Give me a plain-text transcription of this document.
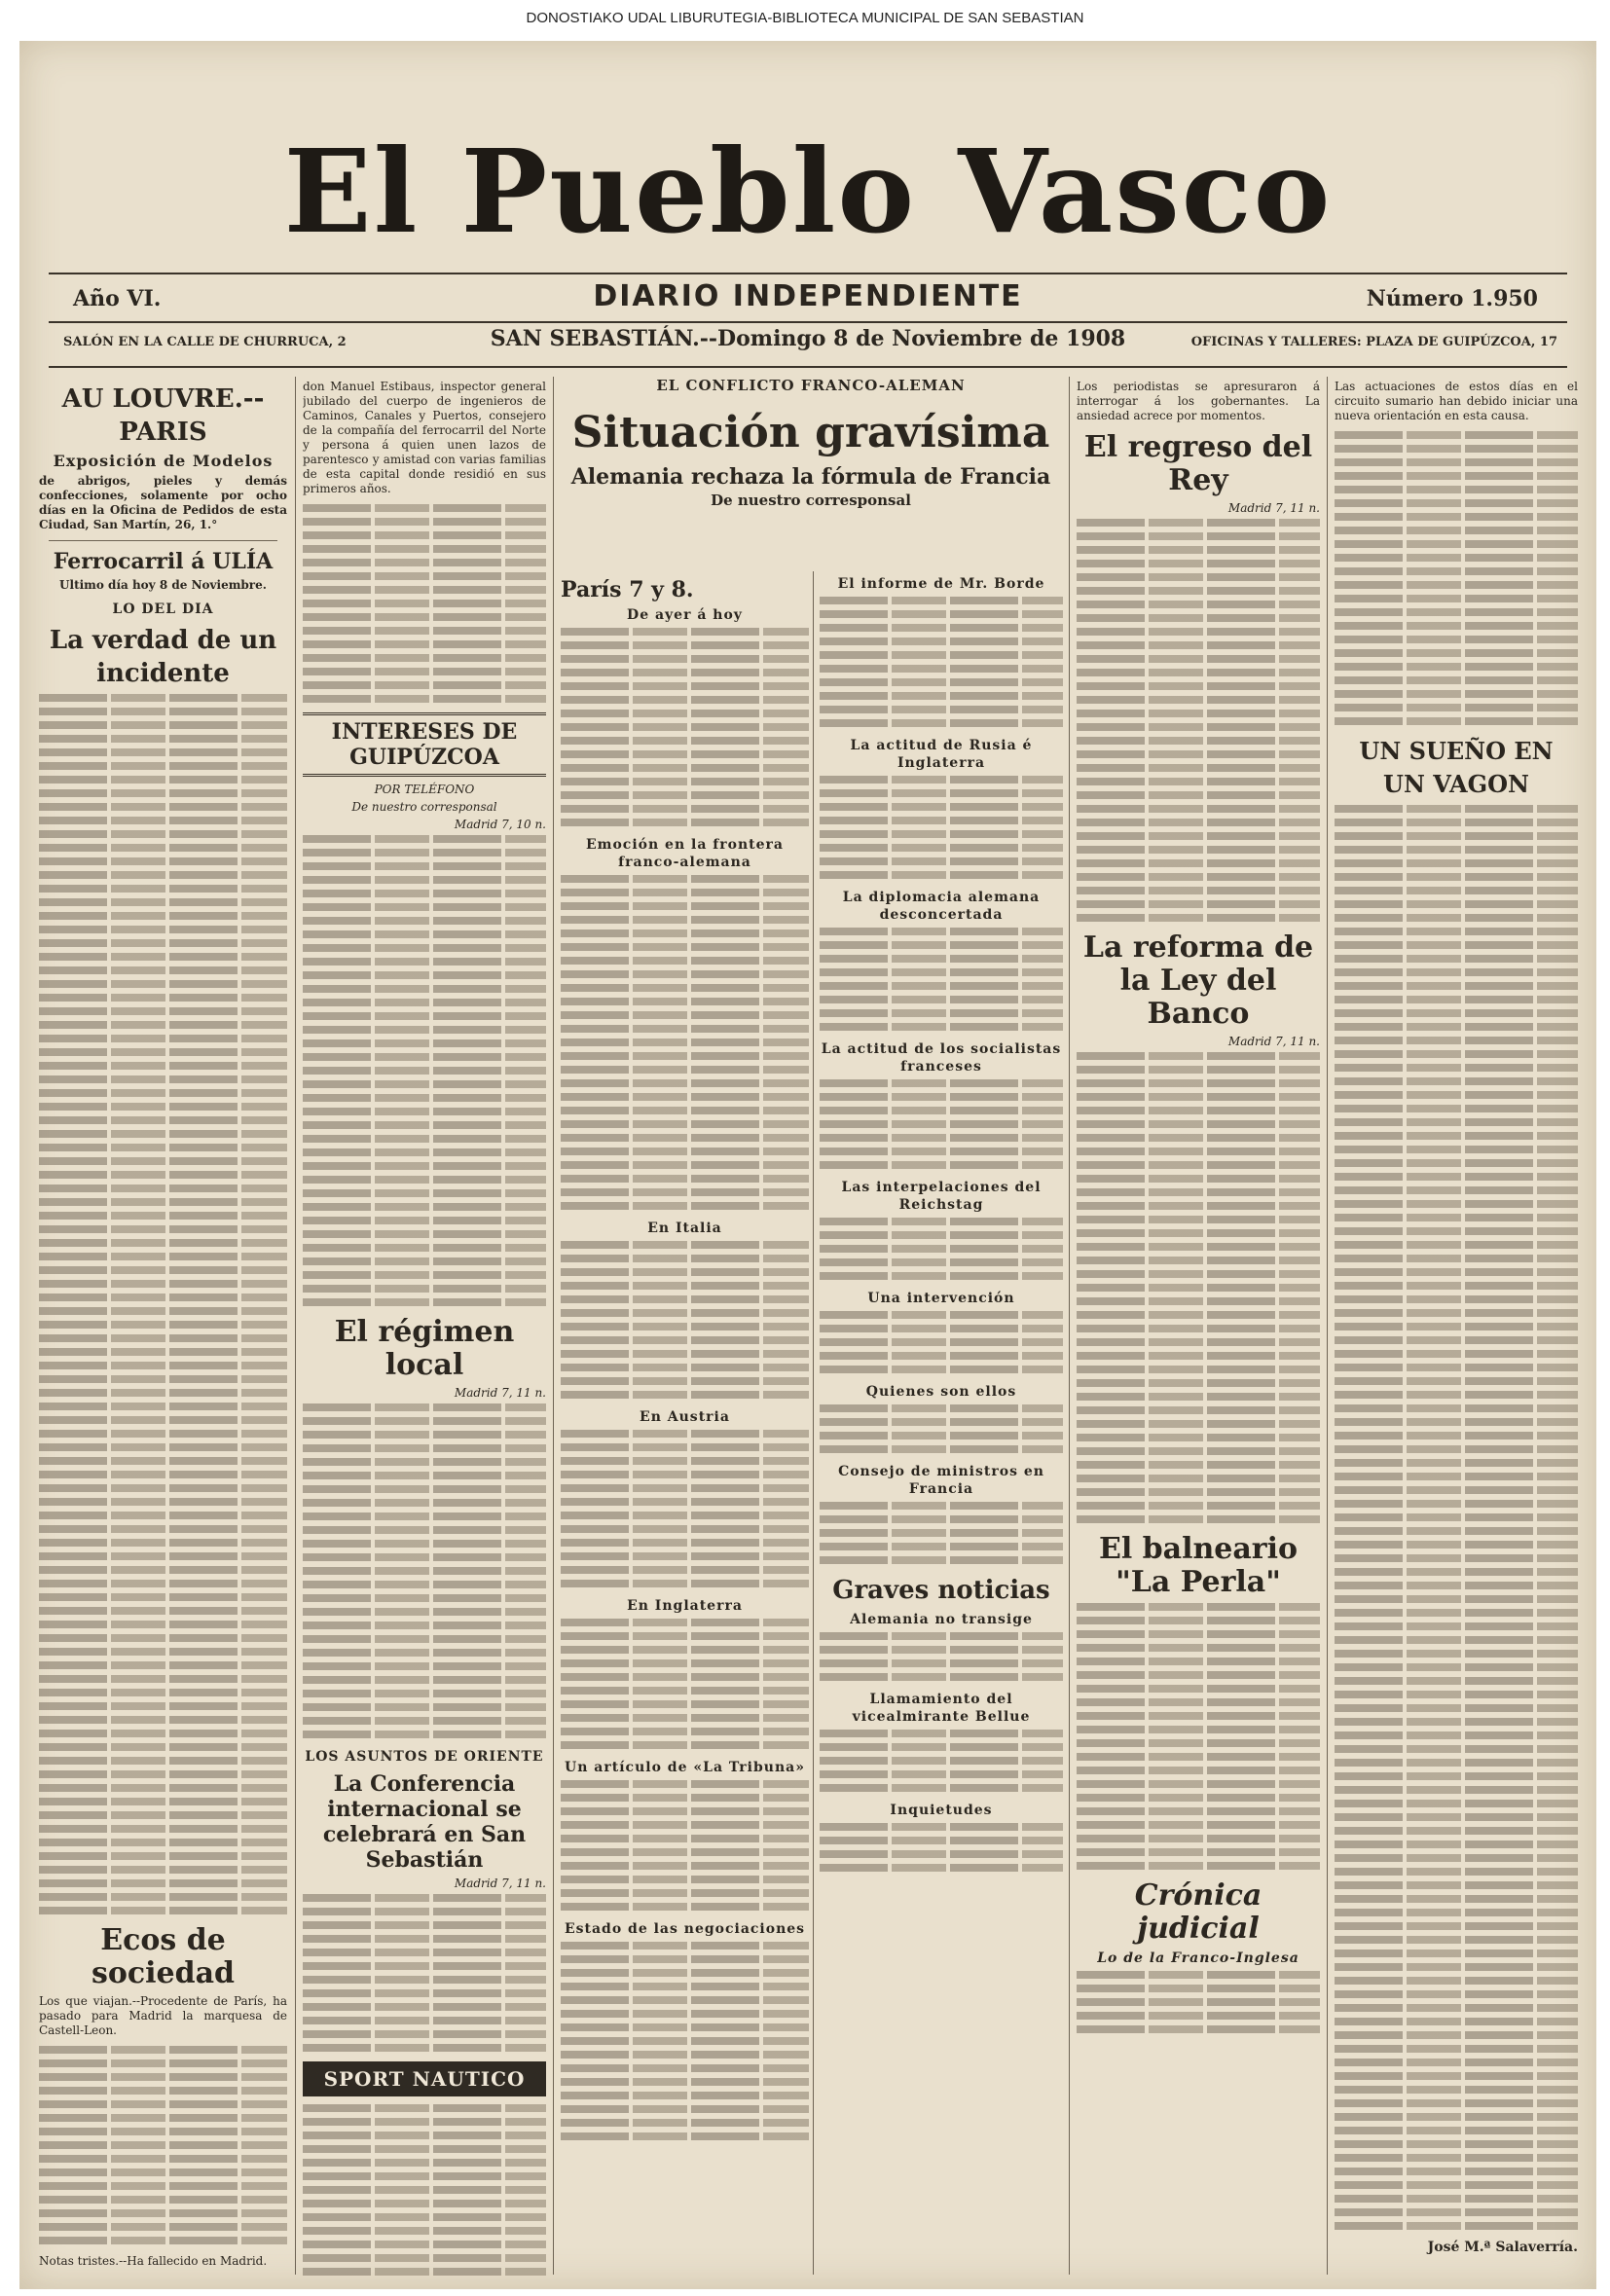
DONOSTIAKO UDAL LIBURUTEGIA-BIBLIOTECA MUNICIPAL DE SAN SEBASTIAN
El Pueblo Vasco
Año VI.	DIARIO INDEPENDIENTE	Número 1.950
SALÓN EN LA CALLE DE CHURRUCA, 2	SAN SEBASTIÁN.--Domingo 8 de Noviembre de 1908	OFICINAS Y TALLERES: PLAZA DE GUIPÚZCOA, 17
AU LOUVRE.--PARIS
Exposición de Modelos
de abrigos, pieles y demás confecciones, solamente por ocho días en la Oficina de Pedidos de esta Ciudad, San Martín, 26, 1.°
Ferrocarril á ULÍA
Ultimo día hoy 8 de Noviembre.
LO DEL DIA
La verdad de un incidente
Ecos de sociedad
Los que viajan.--Procedente de París, ha pasado para Madrid la marquesa de Castell-Leon.
Notas tristes.--Ha fallecido en Madrid.
don Manuel Estibaus, inspector general jubilado del cuerpo de ingenieros de Caminos, Canales y Puertos, consejero de la compañía del ferrocarril del Norte y persona á quien unen lazos de parentesco y amistad con varias familias de esta capital donde residió en sus primeros años.
INTERESES DE GUIPÚZCOA
POR TELÉFONO
De nuestro corresponsal
Madrid 7, 10 n.
El régimen local
Madrid 7, 11 n.
LOS ASUNTOS DE ORIENTE
La Conferencia internacional se celebrará en San Sebastián
Madrid 7, 11 n.
SPORT NAUTICO
EL CONFLICTO FRANCO-ALEMAN
Situación gravísima
Alemania rechaza la fórmula de Francia
De nuestro corresponsal
París 7 y 8.
De ayer á hoy
Emoción en la frontera franco-alemana
En Italia
En Austria
En Inglaterra
Un artículo de «La Tribuna»
Estado de las negociaciones
El informe de Mr. Borde
La actitud de Rusia é Inglaterra
La diplomacia alemana desconcertada
La actitud de los socialistas franceses
Las interpelaciones del Reichstag
Una intervención
Quienes son ellos
Consejo de ministros en Francia
Graves noticias
Alemania no transige
Llamamiento del vicealmirante Bellue
Inquietudes
Los periodistas se apresuraron á interrogar á los gobernantes. La ansiedad acrece por momentos.
El regreso del Rey
Madrid 7, 11 n.
La reforma de la Ley del Banco
Madrid 7, 11 n.
El balneario "La Perla"
Crónica judicial
Lo de la Franco-Inglesa
Las actuaciones de estos días en el circuito sumario han debido iniciar una nueva orientación en esta causa.
UN SUEÑO EN UN VAGON
José M.ª Salaverría.
